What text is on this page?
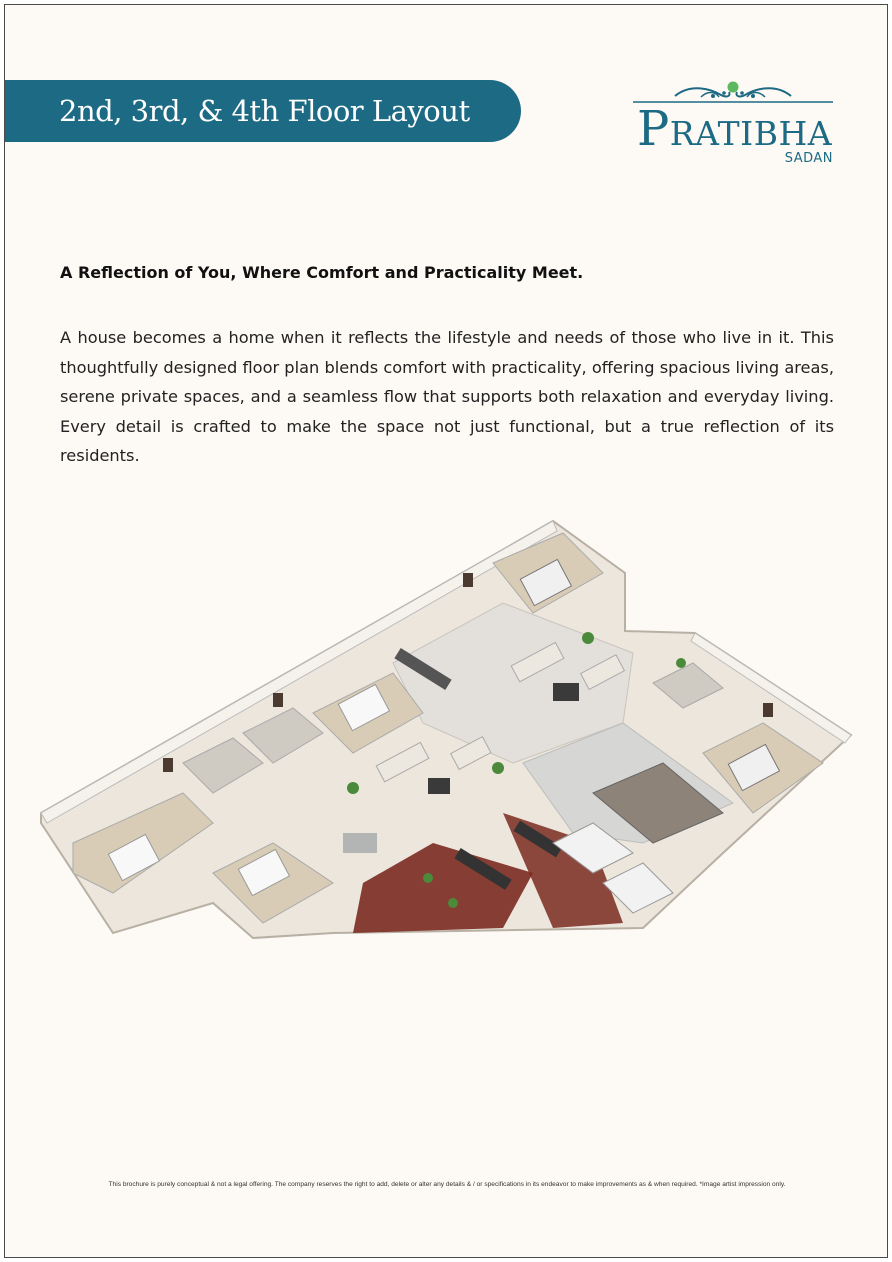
2nd, 3rd, & 4th Floor Layout	PRATIBHA
SADAN
A Reflection of You, Where Comfort and Practicality Meet.

A house becomes a home when it reflects the lifestyle and needs of those who live in it. This thoughtfully designed floor plan blends comfort with practicality, offering spacious living areas, serene private spaces, and a seamless flow that supports both relaxation and everyday living. Every detail is crafted to make the space not just functional, but a true reflection of its residents.

This brochure is purely conceptual & not a legal offering. The company reserves the right to add, delete or alter any details & / or specifications in its endeavor to make improvements as & when required. *Image artist impression only.
